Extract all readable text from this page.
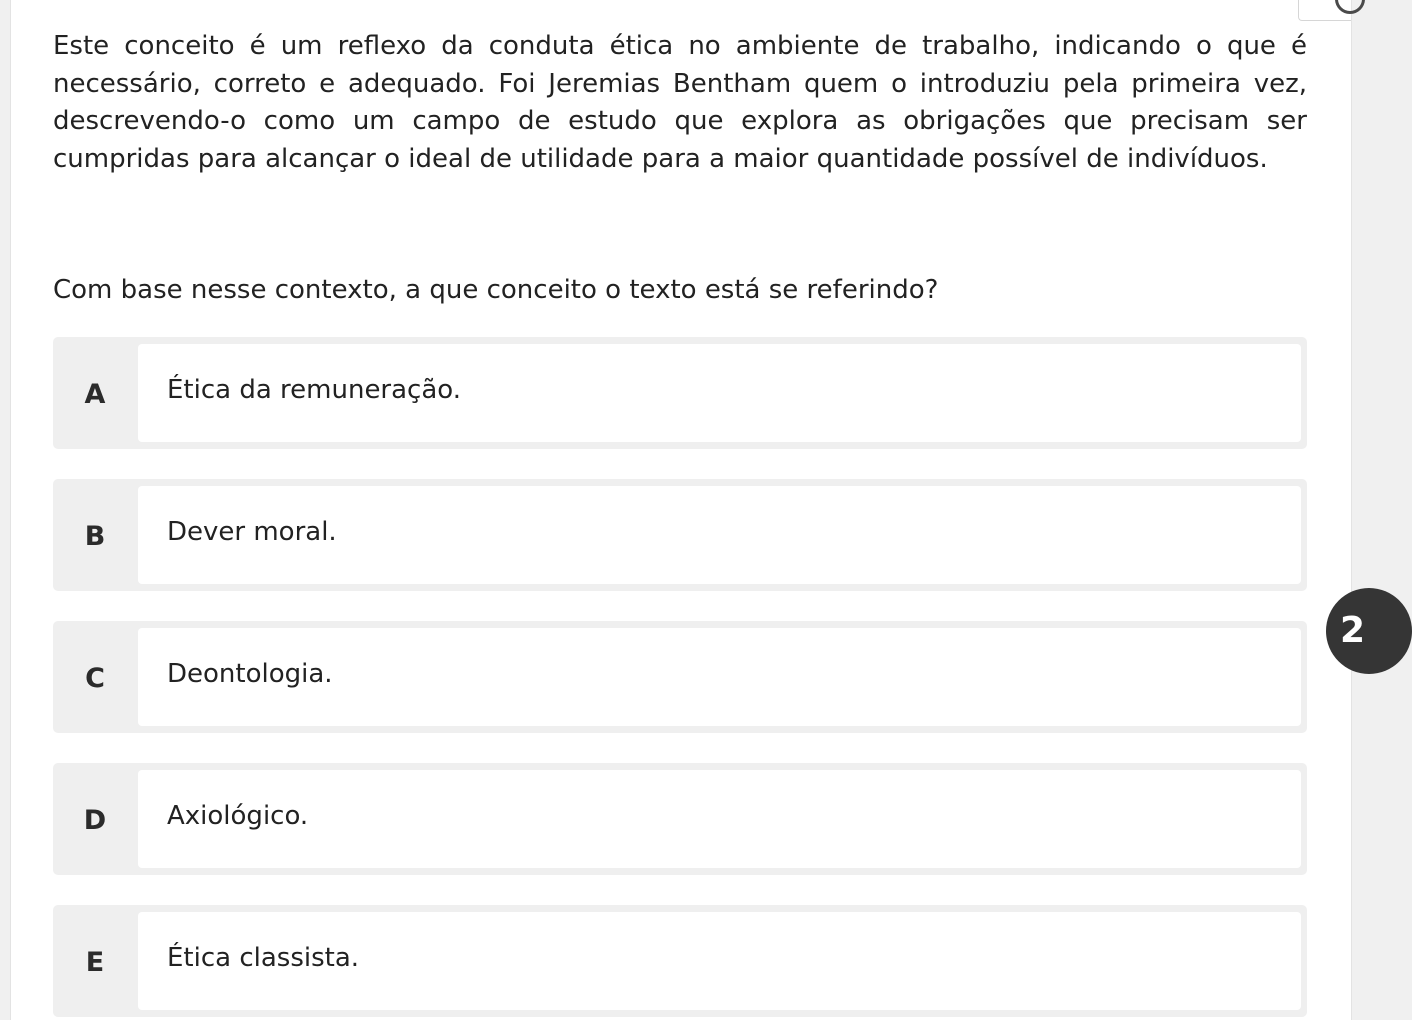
Este conceito é um reflexo da conduta ética no ambiente de trabalho, indicando o que é necessário, correto e adequado. Foi Jeremias Bentham quem o introduziu pela primeira vez, descrevendo-o como um campo de estudo que explora as obrigações que precisam ser cumpridas para alcançar o ideal de utilidade para a maior quantidade possível de indivíduos.

Com base nesse contexto, a que conceito o texto está se referindo?

A	Ética da remuneração.
B	Dever moral.
C	Deontologia.
D	Axiológico.
E	Ética classista.
2
